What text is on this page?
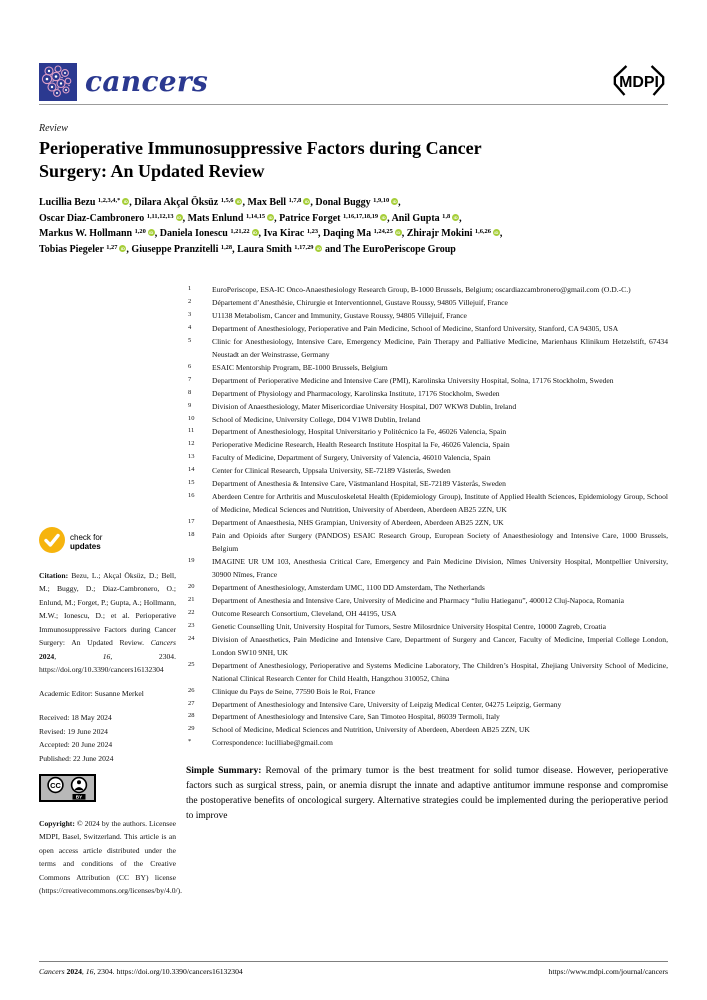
cancers	MDPI
Review
Perioperative Immunosuppressive Factors during Cancer Surgery: An Updated Review
Lucillia Bezu $^{1,2,3,4,*}$ iD , Dilara Akçal Öksüz $^{1,5,6}$ iD , Max Bell $^{1,7,8}$ iD , Donal Buggy $^{1,9,10}$ iD ,
Oscar Diaz-Cambronero $^{1,11,12,13}$ iD , Mats Enlund $^{1,14,15}$ iD , Patrice Forget $^{1,16,17,18,19}$ iD , Anil Gupta $^{1,8}$ iD ,
Markus W. Hollmann $^{1,20}$ iD , Daniela Ionescu $^{1,21,22}$ iD , Iva Kirac $^{1,23}$, Daqing Ma $^{1,24,25}$ iD , Zhirajr Mokini $^{1,6,26}$ iD ,
Tobias Piegeler $^{1,27}$ iD , Giuseppe Pranzitelli $^{1,28}$, Laura Smith $^{1,17,29}$ iD and The EuroPeriscope Group
check for
updates

Citation: Bezu, L.; Akçal Öksüz, D.; Bell, M.; Buggy, D.; Diaz-Cambronero, O.; Enlund, M.; Forget, P.; Gupta, A.; Hollmann, M.W.; Ionescu, D.; et al. Perioperative Immunosuppressive Factors during Cancer Surgery: An Updated Review. Cancers 2024, 16, 2304. https://doi.org/10.3390/cancers16132304

Academic Editor: Susanne Merkel
Received: 18 May 2024
Revised: 19 June 2024
Accepted: 20 June 2024
Published: 22 June 2024
CC
BY

Copyright: © 2024 by the authors. Licensee MDPI, Basel, Switzerland. This article is an open access article distributed under the terms and conditions of the Creative Commons Attribution (CC BY) license (https://creativecommons.org/licenses/by/4.0/).

1	EuroPeriscope, ESA-IC Onco-Anaesthesiology Research Group, B-1000 Brussels, Belgium; oscardiazcambronero@gmail.com (O.D.-C.)
2	Département d’Anesthésie, Chirurgie et Interventionnel, Gustave Roussy, 94805 Villejuif, France
3	U1138 Metabolism, Cancer and Immunity, Gustave Roussy, 94805 Villejuif, France
4	Department of Anesthesiology, Perioperative and Pain Medicine, School of Medicine, Stanford University, Stanford, CA 94305, USA
5	Clinic for Anesthesiology, Intensive Care, Emergency Medicine, Pain Therapy and Palliative Medicine, Marienhaus Klinikum Hetzelstift, 67434 Neustadt an der Weinstrasse, Germany
6	ESAIC Mentorship Program, BE-1000 Brussels, Belgium
7	Department of Perioperative Medicine and Intensive Care (PMI), Karolinska University Hospital, Solna, 17176 Stockholm, Sweden
8	Department of Physiology and Pharmacology, Karolinska Institute, 17176 Stockholm, Sweden
9	Division of Anaesthesiology, Mater Misericordiae University Hospital, D07 WKW8 Dublin, Ireland
10	School of Medicine, University College, D04 V1W8 Dublin, Ireland
11	Department of Anesthesiology, Hospital Universitario y Politécnico la Fe, 46026 Valencia, Spain
12	Perioperative Medicine Research, Health Research Institute Hospital la Fe, 46026 Valencia, Spain
13	Faculty of Medicine, Department of Surgery, University of Valencia, 46010 Valencia, Spain
14	Center for Clinical Research, Uppsala University, SE-72189 Västerås, Sweden
15	Department of Anesthesia & Intensive Care, Västmanland Hospital, SE-72189 Västerås, Sweden
16	Aberdeen Centre for Arthritis and Musculoskeletal Health (Epidemiology Group), Institute of Applied Health Sciences, Epidemiology Group, School of Medicine, Medical Sciences and Nutrition, University of Aberdeen, Aberdeen AB25 2ZN, UK
17	Department of Anaesthesia, NHS Grampian, University of Aberdeen, Aberdeen AB25 2ZN, UK
18	Pain and Opioids after Surgery (PANDOS) ESAIC Research Group, European Society of Anaesthesiology and Intensive Care, 1000 Brussels, Belgium
19	IMAGINE UR UM 103, Anesthesia Critical Care, Emergency and Pain Medicine Division, Nîmes University Hospital, Montpellier University, 30900 Nîmes, France
20	Department of Anesthesiology, Amsterdam UMC, 1100 DD Amsterdam, The Netherlands
21	Department of Anesthesia and Intensive Care, University of Medicine and Pharmacy “Iuliu Hatieganu”, 400012 Cluj-Napoca, Romania
22	Outcome Research Consortium, Cleveland, OH 44195, USA
23	Genetic Counselling Unit, University Hospital for Tumors, Sestre Milosrdnice University Hospital Centre, 10000 Zagreb, Croatia
24	Division of Anaesthetics, Pain Medicine and Intensive Care, Department of Surgery and Cancer, Faculty of Medicine, Imperial College London, London SW10 9NH, UK
25	Department of Anesthesiology, Perioperative and Systems Medicine Laboratory, The Children’s Hospital, Zhejiang University School of Medicine, National Clinical Research Center for Child Health, Hangzhou 310052, China
26	Clinique du Pays de Seine, 77590 Bois le Roi, France
27	Department of Anesthesiology and Intensive Care, University of Leipzig Medical Center, 04275 Leipzig, Germany
28	Department of Anesthesiology and Intensive Care, San Timoteo Hospital, 86039 Termoli, Italy
29	School of Medicine, Medical Sciences and Nutrition, University of Aberdeen, Aberdeen AB25 2ZN, UK
*	Correspondence: lucilliabe@gmail.com

Simple Summary: Removal of the primary tumor is the best treatment for solid tumor disease. However, perioperative factors such as surgical stress, pain, or anemia disrupt the innate and adaptive antitumor immune response and compromise the postoperative benefits of oncological surgery. Alternative strategies could be implemented during the perioperative period to improve

Cancers 2024, 16, 2304. https://doi.org/10.3390/cancers16132304	https://www.mdpi.com/journal/cancers
